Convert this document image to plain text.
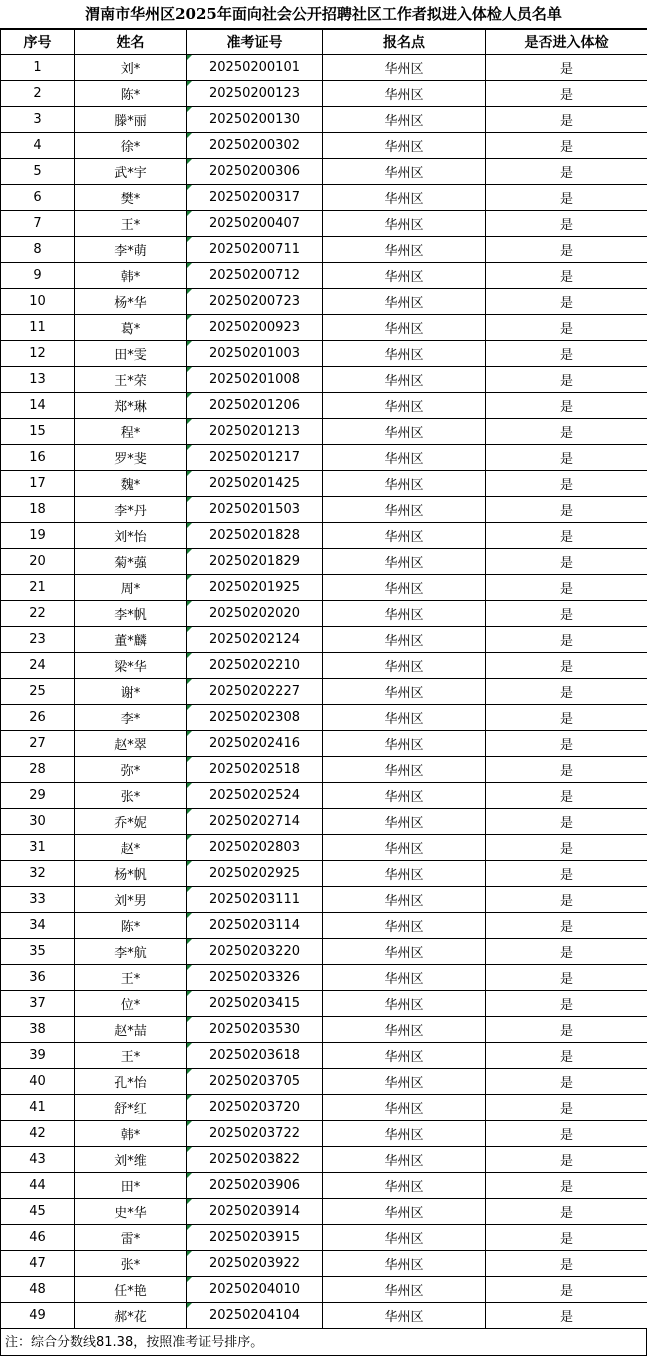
渭南市华州区2025年面向社会公开招聘社区工作者拟进入体检人员名单
序号	姓名	准考证号	报名点	是否进入体检
1	刘*	20250200101	华州区	是
2	陈*	20250200123	华州区	是
3	滕*丽	20250200130	华州区	是
4	徐*	20250200302	华州区	是
5	武*宇	20250200306	华州区	是
6	樊*	20250200317	华州区	是
7	王*	20250200407	华州区	是
8	李*萌	20250200711	华州区	是
9	韩*	20250200712	华州区	是
10	杨*华	20250200723	华州区	是
11	葛*	20250200923	华州区	是
12	田*雯	20250201003	华州区	是
13	王*荣	20250201008	华州区	是
14	郑*琳	20250201206	华州区	是
15	程*	20250201213	华州区	是
16	罗*斐	20250201217	华州区	是
17	魏*	20250201425	华州区	是
18	李*丹	20250201503	华州区	是
19	刘*怡	20250201828	华州区	是
20	菊*蔃	20250201829	华州区	是
21	周*	20250201925	华州区	是
22	李*帆	20250202020	华州区	是
23	董*麟	20250202124	华州区	是
24	梁*华	20250202210	华州区	是
25	谢*	20250202227	华州区	是
26	李*	20250202308	华州区	是
27	赵*翠	20250202416	华州区	是
28	弥*	20250202518	华州区	是
29	张*	20250202524	华州区	是
30	乔*妮	20250202714	华州区	是
31	赵*	20250202803	华州区	是
32	杨*帆	20250202925	华州区	是
33	刘*男	20250203111	华州区	是
34	陈*	20250203114	华州区	是
35	李*航	20250203220	华州区	是
36	王*	20250203326	华州区	是
37	位*	20250203415	华州区	是
38	赵*喆	20250203530	华州区	是
39	王*	20250203618	华州区	是
40	孔*怡	20250203705	华州区	是
41	舒*红	20250203720	华州区	是
42	韩*	20250203722	华州区	是
43	刘*维	20250203822	华州区	是
44	田*	20250203906	华州区	是
45	史*华	20250203914	华州区	是
46	雷*	20250203915	华州区	是
47	张*	20250203922	华州区	是
48	任*艳	20250204010	华州区	是
49	郝*花	20250204104	华州区	是
注：综合分数线81.38，按照准考证号排序。
